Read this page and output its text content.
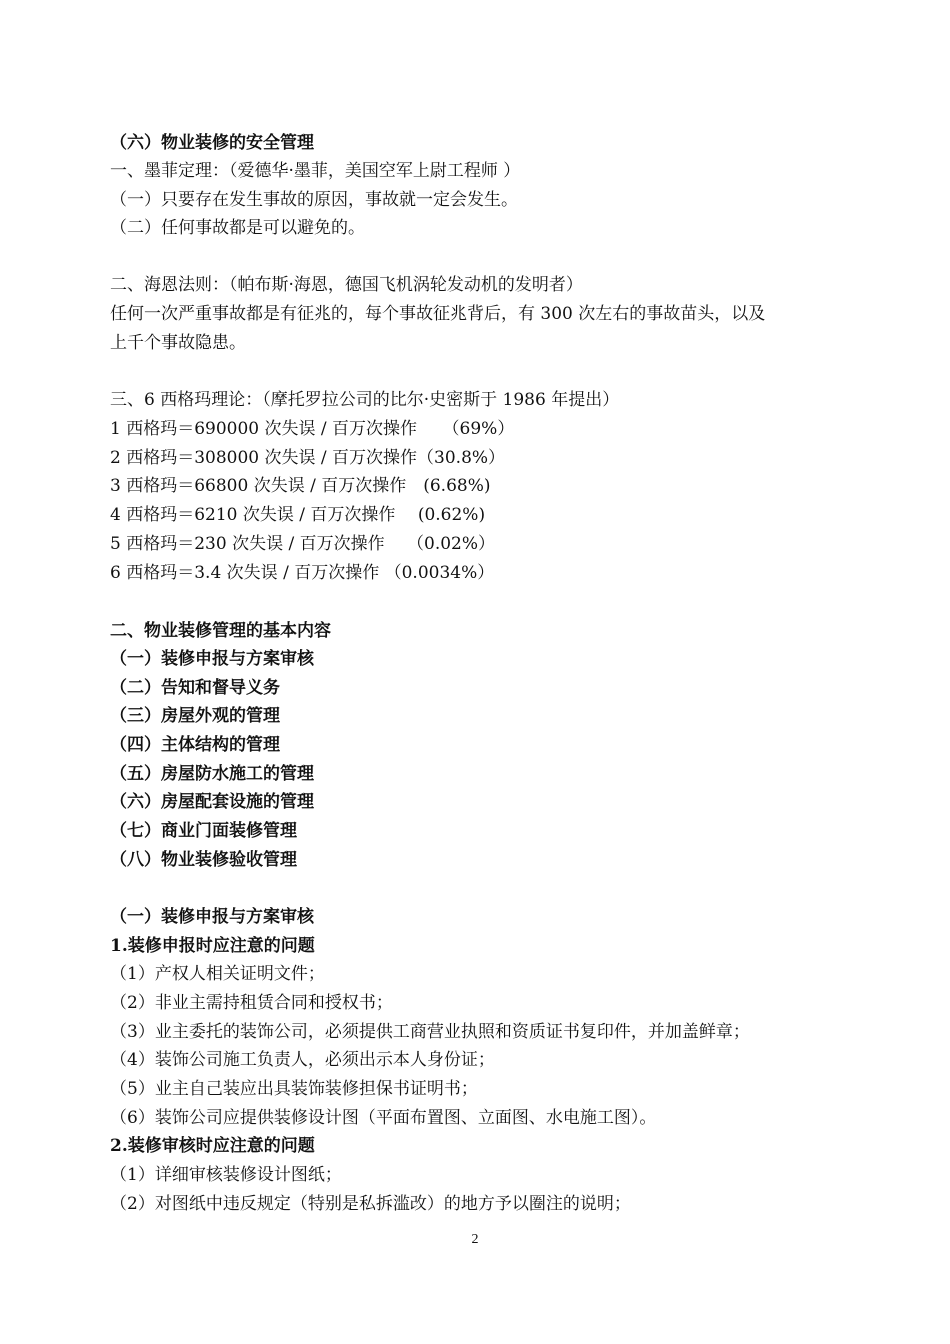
（六）物业装修的安全管理
一、墨菲定理：（爱德华·墨菲，美国空军上尉工程师 ）
（一）只要存在发生事故的原因，事故就一定会发生。
（二）任何事故都是可以避免的。
二、海恩法则：（帕布斯·海恩，德国飞机涡轮发动机的发明者）
任何一次严重事故都是有征兆的，每个事故征兆背后，有 300 次左右的事故苗头，以及
上千个事故隐患。
三、6 西格玛理论：（摩托罗拉公司的比尔·史密斯于 1986 年提出）
1 西格玛＝690000 次失误 / 百万次操作　　（69%）
2 西格玛＝308000 次失误 / 百万次操作（30.8%）
3 西格玛＝66800 次失误 / 百万次操作　(6.68%)
4 西格玛＝6210 次失误 / 百万次操作　 (0.62%)
5 西格玛＝230 次失误 / 百万次操作　 （0.02%）
6 西格玛＝3.4 次失误 / 百万次操作 （0.0034%）
二、物业装修管理的基本内容
（一）装修申报与方案审核
（二）告知和督导义务
（三）房屋外观的管理
（四）主体结构的管理
（五）房屋防水施工的管理
（六）房屋配套设施的管理
（七）商业门面装修管理
（八）物业装修验收管理
（一）装修申报与方案审核
1.装修申报时应注意的问题
（1）产权人相关证明文件；
（2）非业主需持租赁合同和授权书；
（3）业主委托的装饰公司，必须提供工商营业执照和资质证书复印件，并加盖鲜章；
（4）装饰公司施工负责人，必须出示本人身份证；
（5）业主自己装应出具装饰装修担保书证明书；
（6）装饰公司应提供装修设计图（平面布置图、立面图、水电施工图）。
2.装修审核时应注意的问题
（1）详细审核装修设计图纸；
（2）对图纸中违反规定（特别是私拆滥改）的地方予以圈注的说明；
2
